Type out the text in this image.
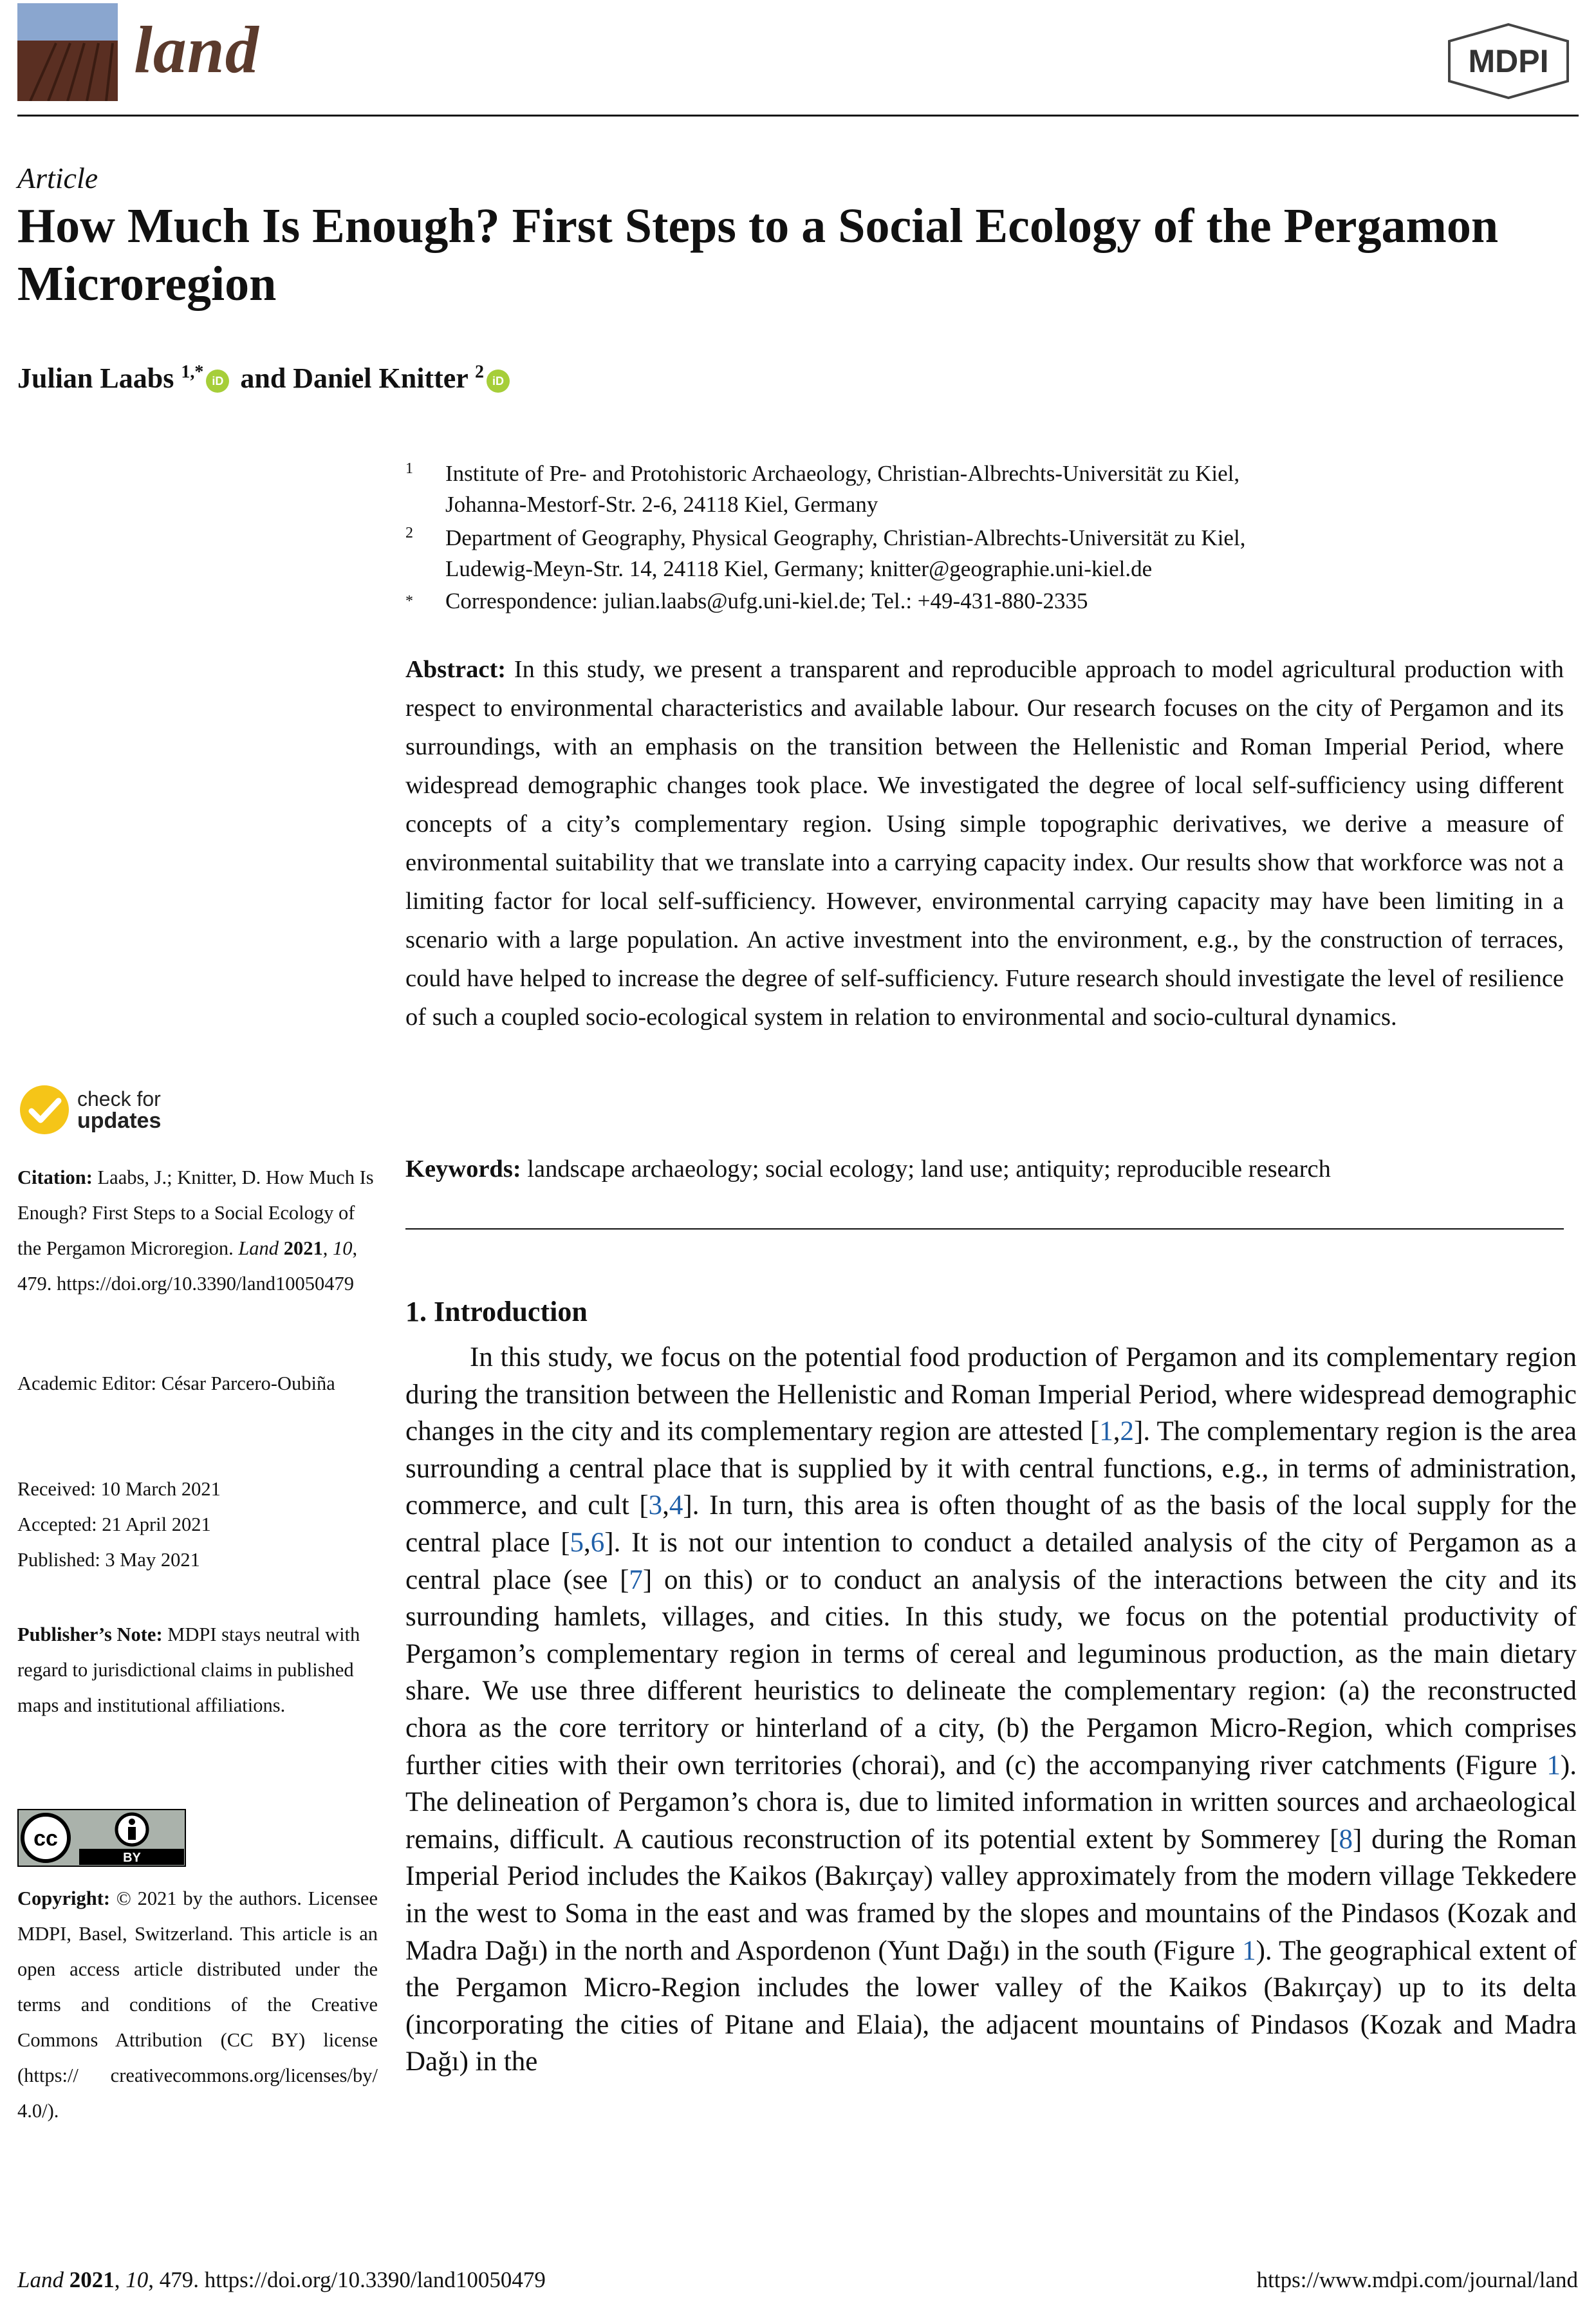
land	MDPI
Article
How Much Is Enough? First Steps to a Social Ecology of the Pergamon Microregion
Julian Laabs $^{1,*}$ iD and Daniel Knitter $^2$ iD
1 Institute of Pre- and Protohistoric Archaeology, Christian-Albrechts-Universität zu Kiel,
Johanna-Mestorf-Str. 2-6, 24118 Kiel, Germany
2 Department of Geography, Physical Geography, Christian-Albrechts-Universität zu Kiel,
Ludewig-Meyn-Str. 14, 24118 Kiel, Germany; knitter@geographie.uni-kiel.de
* Correspondence: julian.laabs@ufg.uni-kiel.de; Tel.: +49-431-880-2335
Abstract: In this study, we present a transparent and reproducible approach to model agricultural production with respect to environmental characteristics and available labour. Our research focuses on the city of Pergamon and its surroundings, with an emphasis on the transition between the Hellenistic and Roman Imperial Period, where widespread demographic changes took place. We investigated the degree of local self-sufficiency using different concepts of a city’s complementary region. Using simple topographic derivatives, we derive a measure of environmental suitability that we translate into a carrying capacity index. Our results show that workforce was not a limiting factor for local self-sufficiency. However, environmental carrying capacity may have been limiting in a scenario with a large population. An active investment into the environment, e.g., by the construction of terraces, could have helped to increase the degree of self-sufficiency. Future research should investigate the level of resilience of such a coupled socio-ecological system in relation to environmental and socio-cultural dynamics.
Keywords: landscape archaeology; social ecology; land use; antiquity; reproducible research
check for
updates

Citation: Laabs, J.; Knitter, D. How Much Is Enough? First Steps to a Social Ecology of the Pergamon Microregion. Land 2021, 10, 479. https://doi.org/10.3390/land10050479

Academic Editor: César Parcero-Oubiña

Received: 10 March 2021

Accepted: 21 April 2021

Published: 3 May 2021

Publisher’s Note: MDPI stays neutral with regard to jurisdictional claims in published maps and institutional affiliations.

cc
BY

Copyright: © 2021 by the authors. Licensee MDPI, Basel, Switzerland. This article is an open access article distributed under the terms and conditions of the Creative Commons Attribution (CC BY) license (https:// creativecommons.org/licenses/by/ 4.0/).

1. Introduction

In this study, we focus on the potential food production of Pergamon and its complementary region during the transition between the Hellenistic and Roman Imperial Period, where widespread demographic changes in the city and its complementary region are attested [1,2]. The complementary region is the area surrounding a central place that is supplied by it with central functions, e.g., in terms of administration, commerce, and cult [3,4]. In turn, this area is often thought of as the basis of the local supply for the central place [5,6]. It is not our intention to conduct a detailed analysis of the city of Pergamon as a central place (see [7] on this) or to conduct an analysis of the interactions between the city and its surrounding hamlets, villages, and cities. In this study, we focus on the potential productivity of Pergamon’s complementary region in terms of cereal and leguminous production, as the main dietary share. We use three different heuristics to delineate the complementary region: (a) the reconstructed chora as the core territory or hinterland of a city, (b) the Pergamon Micro-Region, which comprises further cities with their own territories (chorai), and (c) the accompanying river catchments (Figure 1). The delineation of Pergamon’s chora is, due to limited information in written sources and archaeological remains, difficult. A cautious reconstruction of its potential extent by Sommerey [8] during the Roman Imperial Period includes the Kaikos (Bakırçay) valley approximately from the modern village Tekkedere in the west to Soma in the east and was framed by the slopes and mountains of the Pindasos (Kozak and Madra Dağı) in the north and Aspordenon (Yunt Dağı) in the south (Figure 1). The geographical extent of the Pergamon Micro-Region includes the lower valley of the Kaikos (Bakırçay) up to its delta (incorporating the cities of Pitane and Elaia), the adjacent mountains of Pindasos (Kozak and Madra Dağı) in the

Land 2021, 10, 479. https://doi.org/10.3390/land10050479	https://www.mdpi.com/journal/land
